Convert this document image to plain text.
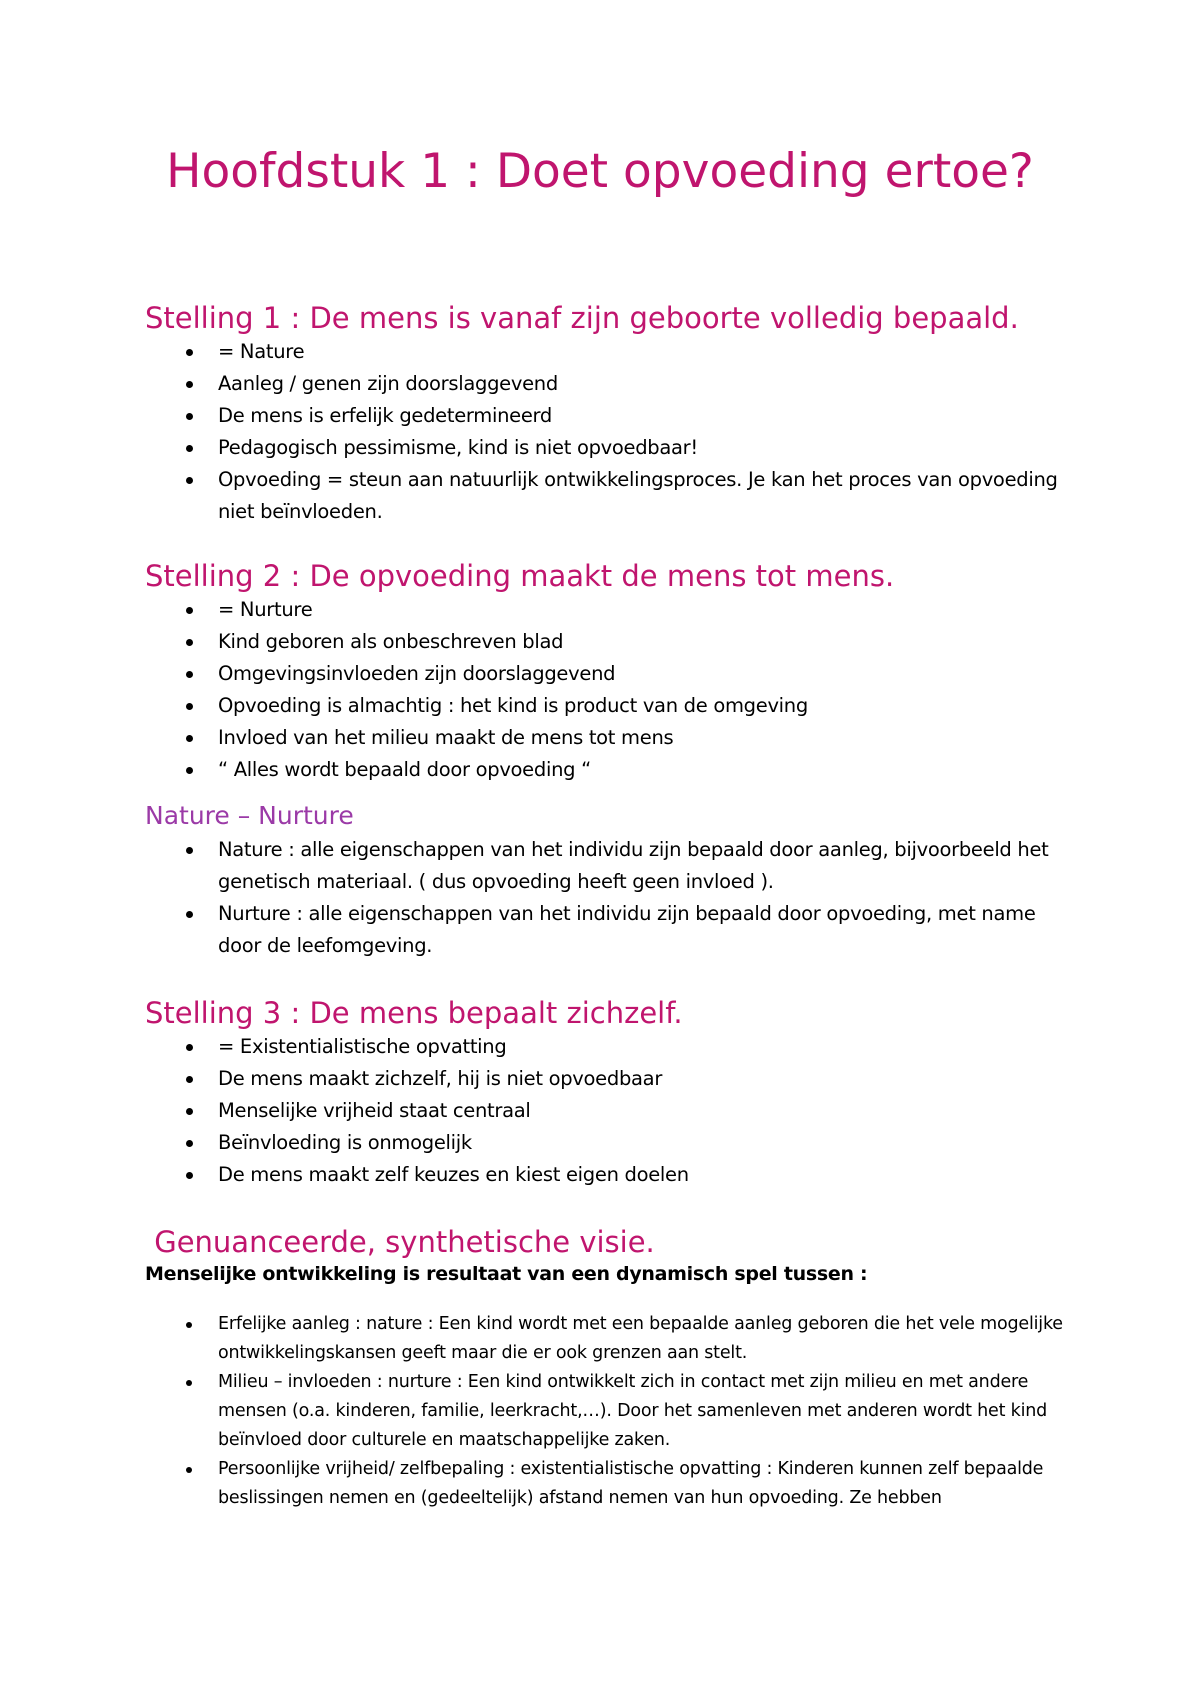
Hoofdstuk 1 : Doet opvoeding ertoe?
Stelling 1 : De mens is vanaf zijn geboorte volledig bepaald.
= Nature
Aanleg / genen zijn doorslaggevend
De mens is erfelijk gedetermineerd
Pedagogisch pessimisme, kind is niet opvoedbaar!
Opvoeding = steun aan natuurlijk ontwikkelingsproces. Je kan het proces van opvoeding niet beïnvloeden.
Stelling 2 : De opvoeding maakt de mens tot mens.
= Nurture
Kind geboren als onbeschreven blad
Omgevingsinvloeden zijn doorslaggevend
Opvoeding is almachtig : het kind is product van de omgeving
Invloed van het milieu maakt de mens tot mens
“ Alles wordt bepaald door opvoeding “
Nature – Nurture
Nature : alle eigenschappen van het individu zijn bepaald door aanleg, bijvoorbeeld het genetisch materiaal. ( dus opvoeding heeft geen invloed ).
Nurture : alle eigenschappen van het individu zijn bepaald door opvoeding, met name door de leefomgeving.
Stelling 3 : De mens bepaalt zichzelf.
= Existentialistische opvatting
De mens maakt zichzelf, hij is niet opvoedbaar
Menselijke vrijheid staat centraal
Beïnvloeding is onmogelijk
De mens maakt zelf keuzes en kiest eigen doelen
Genuanceerde, synthetische visie.

Menselijke ontwikkeling is resultaat van een dynamisch spel tussen :

Erfelijke aanleg : nature : Een kind wordt met een bepaalde aanleg geboren die het vele mogelijke ontwikkelingskansen geeft maar die er ook grenzen aan stelt.
Milieu – invloeden : nurture : Een kind ontwikkelt zich in contact met zijn milieu en met andere mensen (o.a. kinderen, familie, leerkracht,…). Door het samenleven met anderen wordt het kind beïnvloed door culturele en maatschappelijke zaken.
Persoonlijke vrijheid/ zelfbepaling : existentialistische opvatting : Kinderen kunnen zelf bepaalde beslissingen nemen en (gedeeltelijk) afstand nemen van hun opvoeding. Ze hebben
